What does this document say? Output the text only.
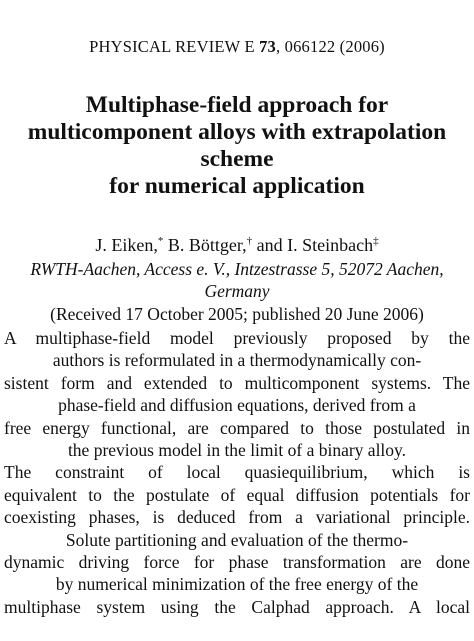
PHYSICAL REVIEW E 73, 066122 (2006)
Multiphase-field approach for
multicomponent alloys with extrapolation
scheme
for numerical application
J. Eiken,* B. Böttger,† and I. Steinbach‡
RWTH-Aachen, Access e. V., Intzestrasse 5, 52072 Aachen,
Germany
(Received 17 October 2005; published 20 June 2006)
A multiphase-field model previously proposed by the
authors is reformulated in a thermodynamically con-
sistent form and extended to multicomponent systems. The
phase-field and diffusion equations, derived from a
free energy functional, are compared to those postulated in
the previous model in the limit of a binary alloy.
The constraint of local quasiequilibrium, which is
equivalent to the postulate of equal diffusion potentials for
coexisting phases, is deduced from a variational principle.
Solute partitioning and evaluation of the thermo-
dynamic driving force for phase transformation are done
by numerical minimization of the free energy of the
multiphase system using the Calphad approach. A local
